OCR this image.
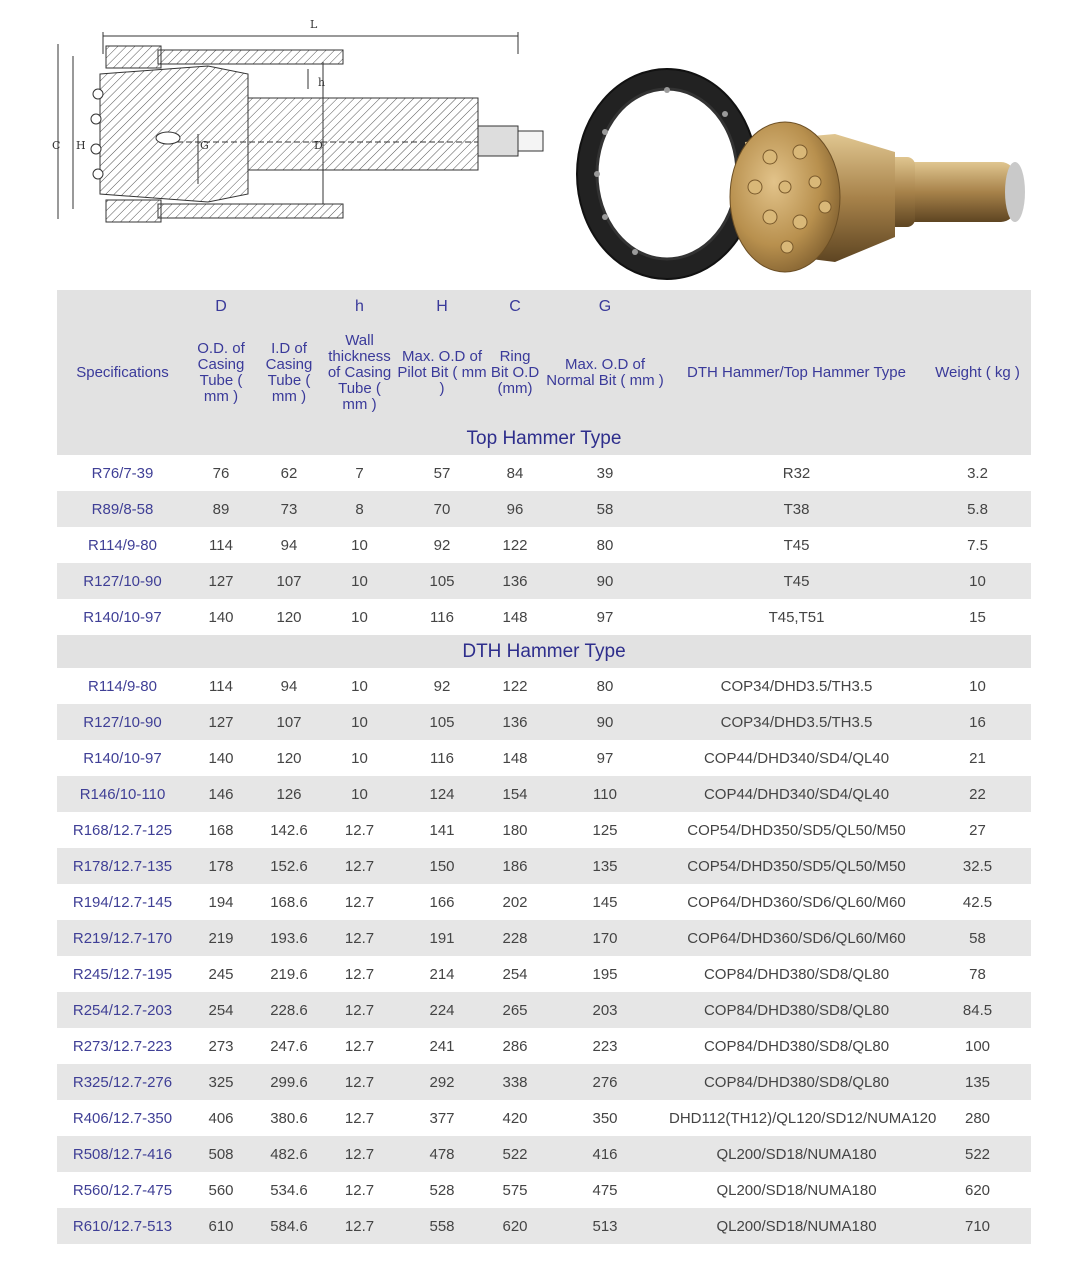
L
h
C H	G	D
	D		h	H	C	G		
Specifications	O.D. of Casing Tube ( mm )	I.D of Casing Tube ( mm )	Wall thickness of Casing Tube ( mm )	Max. O.D of Pilot Bit ( mm )	Ring Bit O.D (mm)	Max. O.D of Normal Bit ( mm )	DTH Hammer/Top Hammer Type	Weight ( kg )
Top Hammer Type								
R76/7-39	76	62	7	57	84	39	R32	3.2
R89/8-58	89	73	8	70	96	58	T38	5.8
R114/9-80	114	94	10	92	122	80	T45	7.5
R127/10-90	127	107	10	105	136	90	T45	10
R140/10-97	140	120	10	116	148	97	T45,T51	15
DTH Hammer Type								
R114/9-80	114	94	10	92	122	80	COP34/DHD3.5/TH3.5	10
R127/10-90	127	107	10	105	136	90	COP34/DHD3.5/TH3.5	16
R140/10-97	140	120	10	116	148	97	COP44/DHD340/SD4/QL40	21
R146/10-110	146	126	10	124	154	110	COP44/DHD340/SD4/QL40	22
R168/12.7-125	168	142.6	12.7	141	180	125	COP54/DHD350/SD5/QL50/M50	27
R178/12.7-135	178	152.6	12.7	150	186	135	COP54/DHD350/SD5/QL50/M50	32.5
R194/12.7-145	194	168.6	12.7	166	202	145	COP64/DHD360/SD6/QL60/M60	42.5
R219/12.7-170	219	193.6	12.7	191	228	170	COP64/DHD360/SD6/QL60/M60	58
R245/12.7-195	245	219.6	12.7	214	254	195	COP84/DHD380/SD8/QL80	78
R254/12.7-203	254	228.6	12.7	224	265	203	COP84/DHD380/SD8/QL80	84.5
R273/12.7-223	273	247.6	12.7	241	286	223	COP84/DHD380/SD8/QL80	100
R325/12.7-276	325	299.6	12.7	292	338	276	COP84/DHD380/SD8/QL80	135
R406/12.7-350	406	380.6	12.7	377	420	350	DHD112(TH12)/QL120/SD12/NUMA120	280
R508/12.7-416	508	482.6	12.7	478	522	416	QL200/SD18/NUMA180	522
R560/12.7-475	560	534.6	12.7	528	575	475	QL200/SD18/NUMA180	620
R610/12.7-513	610	584.6	12.7	558	620	513	QL200/SD18/NUMA180	710
